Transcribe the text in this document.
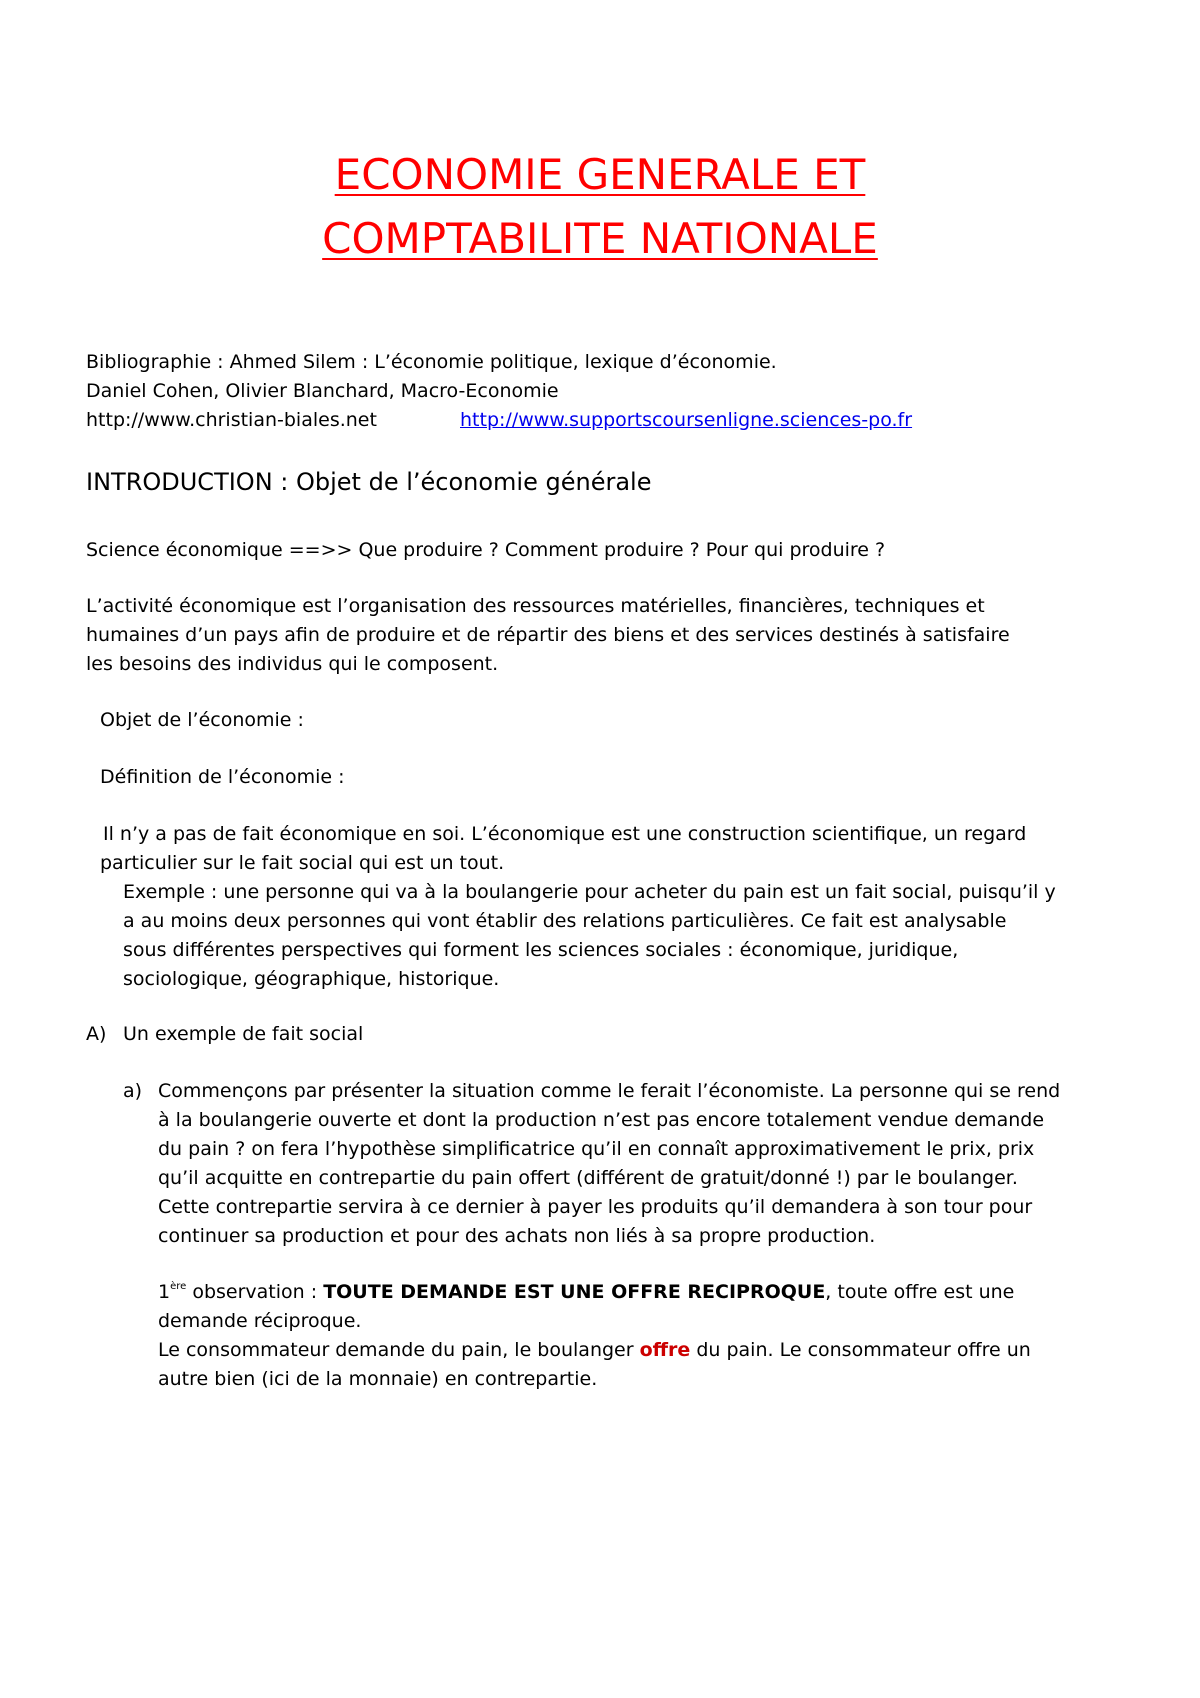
ECONOMIE GENERALE ET
COMPTABILITE NATIONALE
Bibliographie : Ahmed Silem : L’économie politique, lexique d’économie.
Daniel Cohen, Olivier Blanchard, Macro-Economie
http://www.christian-biales.net	http://www.supportscoursenligne.sciences-po.fr
INTRODUCTION : Objet de l’économie générale
Science économique ==>> Que produire ? Comment produire ? Pour qui produire ?
L’activité économique est l’organisation des ressources matérielles, financières, techniques et
humaines d’un pays afin de produire et de répartir des biens et des services destinés à satisfaire
les besoins des individus qui le composent.
Objet de l’économie :
Définition de l’économie :
Il n’y a pas de fait économique en soi. L’économique est une construction scientifique, un regard
particulier sur le fait social qui est un tout.
Exemple : une personne qui va à la boulangerie pour acheter du pain est un fait social, puisqu’il y
a au moins deux personnes qui vont établir des relations particulières. Ce fait est analysable
sous différentes perspectives qui forment les sciences sociales : économique, juridique,
sociologique, géographique, historique.
A) Un exemple de fait social
a) Commençons par présenter la situation comme le ferait l’économiste. La personne qui se rend
à la boulangerie ouverte et dont la production n’est pas encore totalement vendue demande
du pain ? on fera l’hypothèse simplificatrice qu’il en connaît approximativement le prix, prix
qu’il acquitte en contrepartie du pain offert (différent de gratuit/donné !) par le boulanger.
Cette contrepartie servira à ce dernier à payer les produits qu’il demandera à son tour pour
continuer sa production et pour des achats non liés à sa propre production.
1ère observation : TOUTE DEMANDE EST UNE OFFRE RECIPROQUE, toute offre est une
demande réciproque.
Le consommateur demande du pain, le boulanger offre du pain. Le consommateur offre un
autre bien (ici de la monnaie) en contrepartie.
